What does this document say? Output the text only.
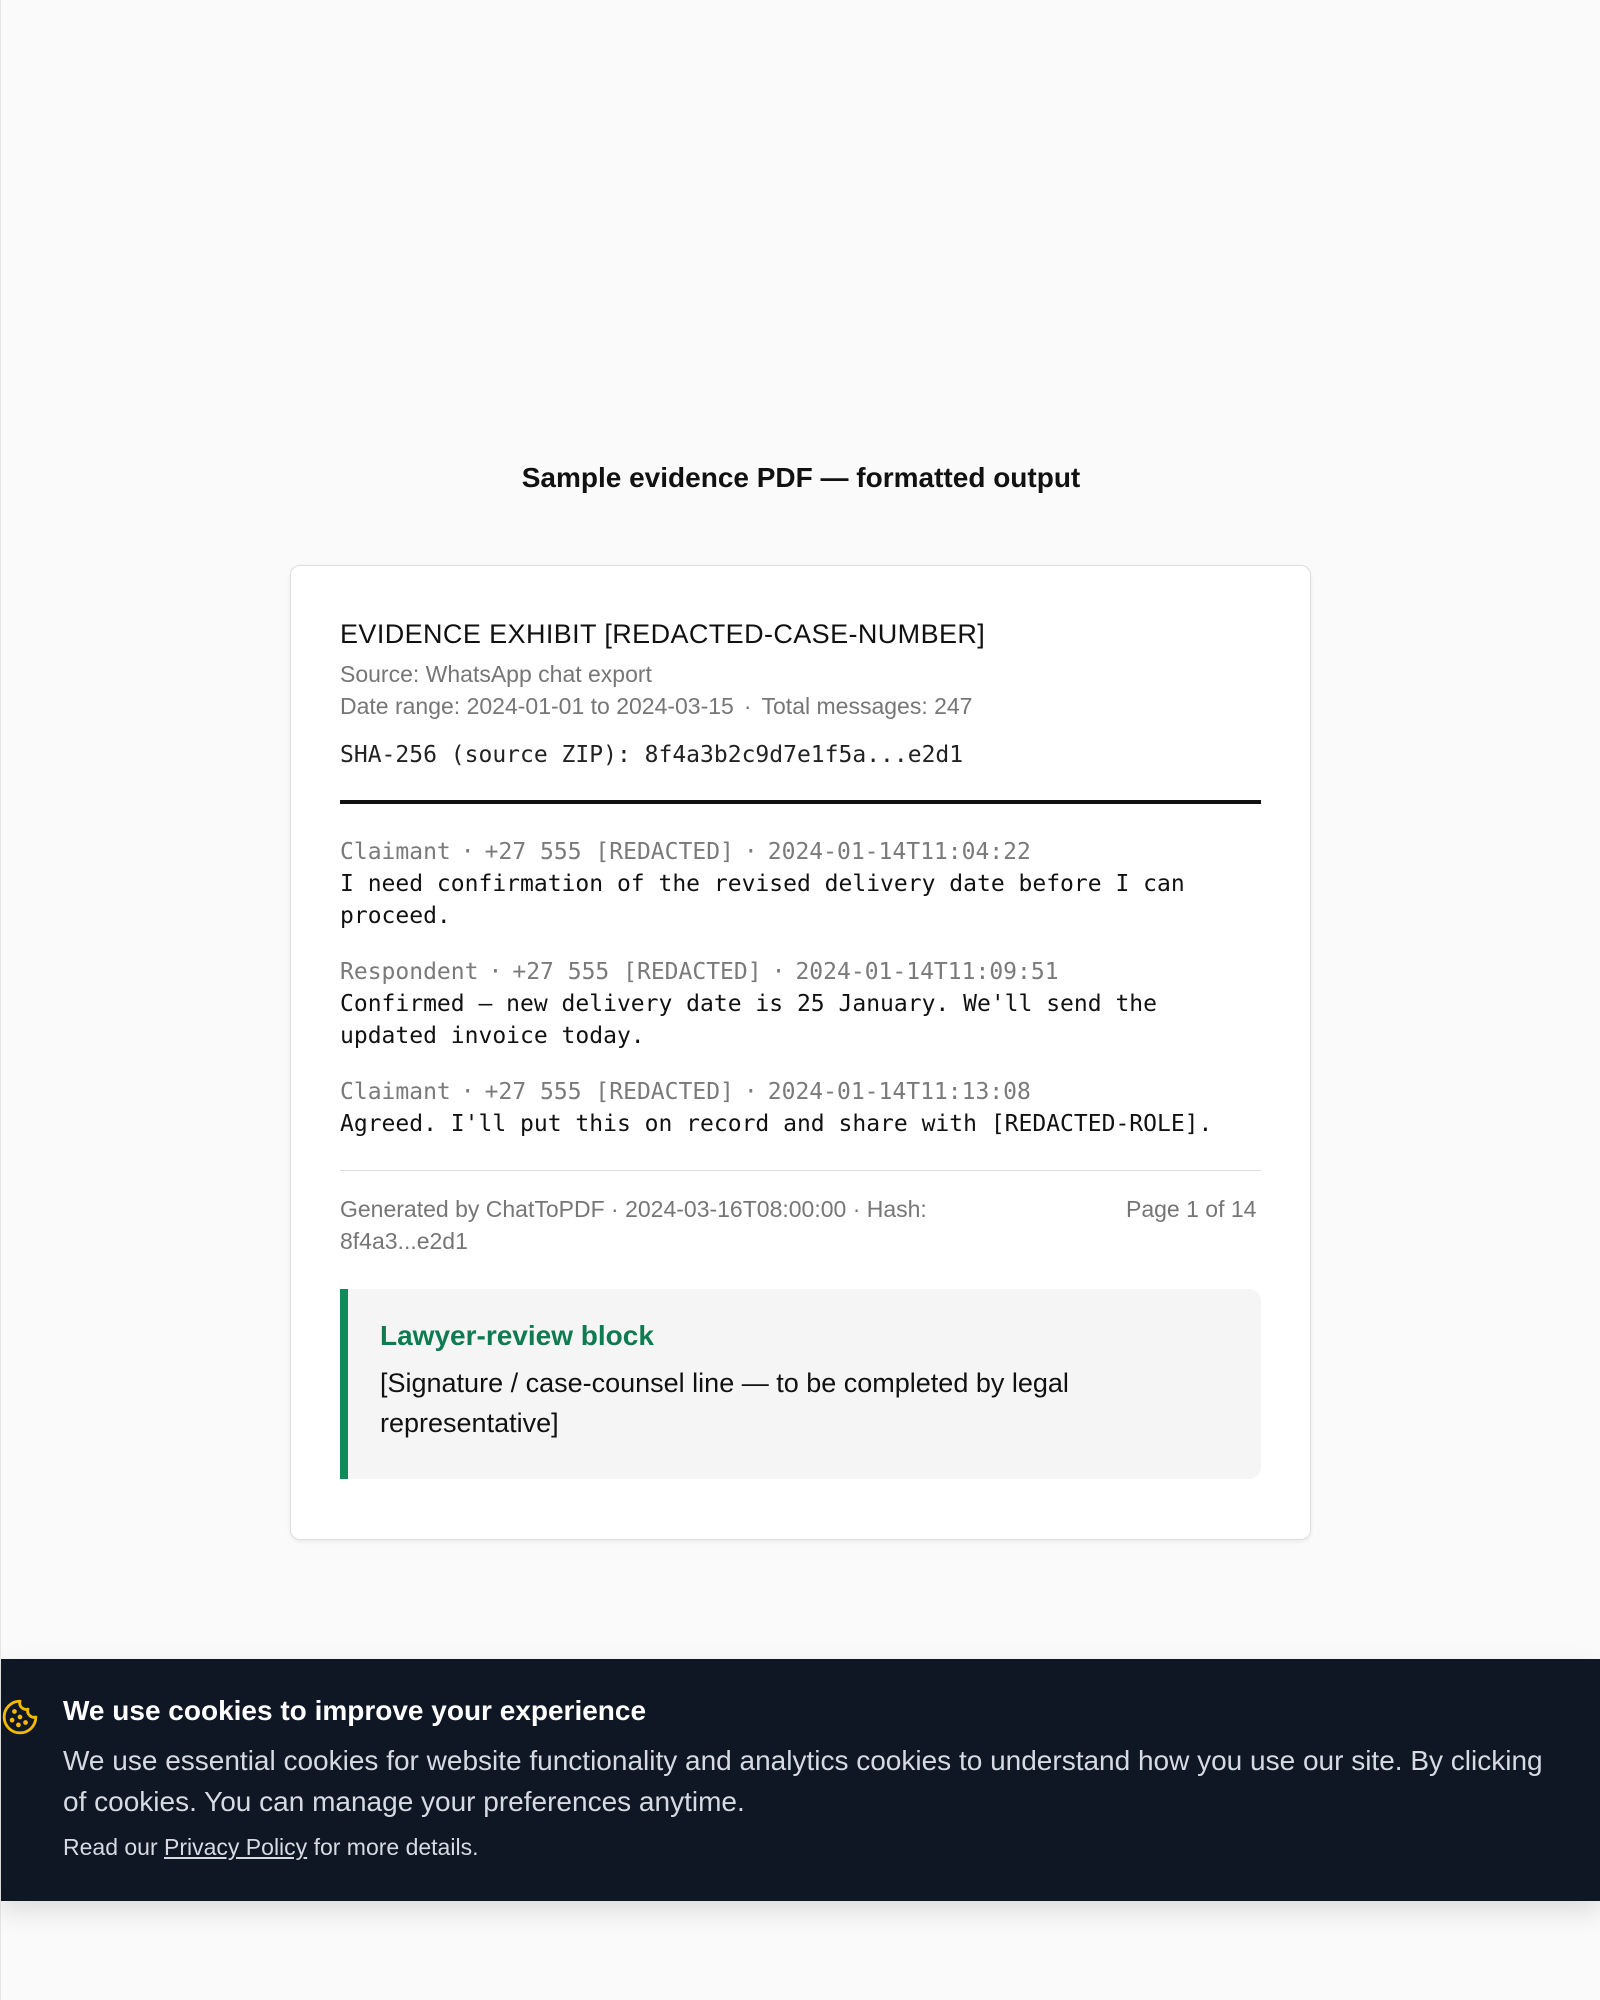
Sample evidence PDF — formatted output
EVIDENCE EXHIBIT [REDACTED-CASE-NUMBER]
Source: WhatsApp chat export
Date range: 2024-01-01 to 2024-03-15 · Total messages: 247
SHA-256 (source ZIP): 8f4a3b2c9d7e1f5a...e2d1
Claimant · +27 555 [REDACTED] · 2024-01-14T11:04:22
I need confirmation of the revised delivery date before I can proceed.
Respondent · +27 555 [REDACTED] · 2024-01-14T11:09:51
Confirmed — new delivery date is 25 January. We'll send the updated invoice today.
Claimant · +27 555 [REDACTED] · 2024-01-14T11:13:08
Agreed. I'll put this on record and share with [REDACTED-ROLE].
Generated by ChatToPDF · 2024-03-16T08:00:00 · Hash: 8f4a3...e2d1
Page 1 of 14
Lawyer-review block
[Signature / case-counsel line — to be completed by legal representative]
We use cookies to improve your experience
We use essential cookies for website functionality and analytics cookies to understand how you use our site. By clicking
of cookies. You can manage your preferences anytime.
Read our Privacy Policy for more details.
